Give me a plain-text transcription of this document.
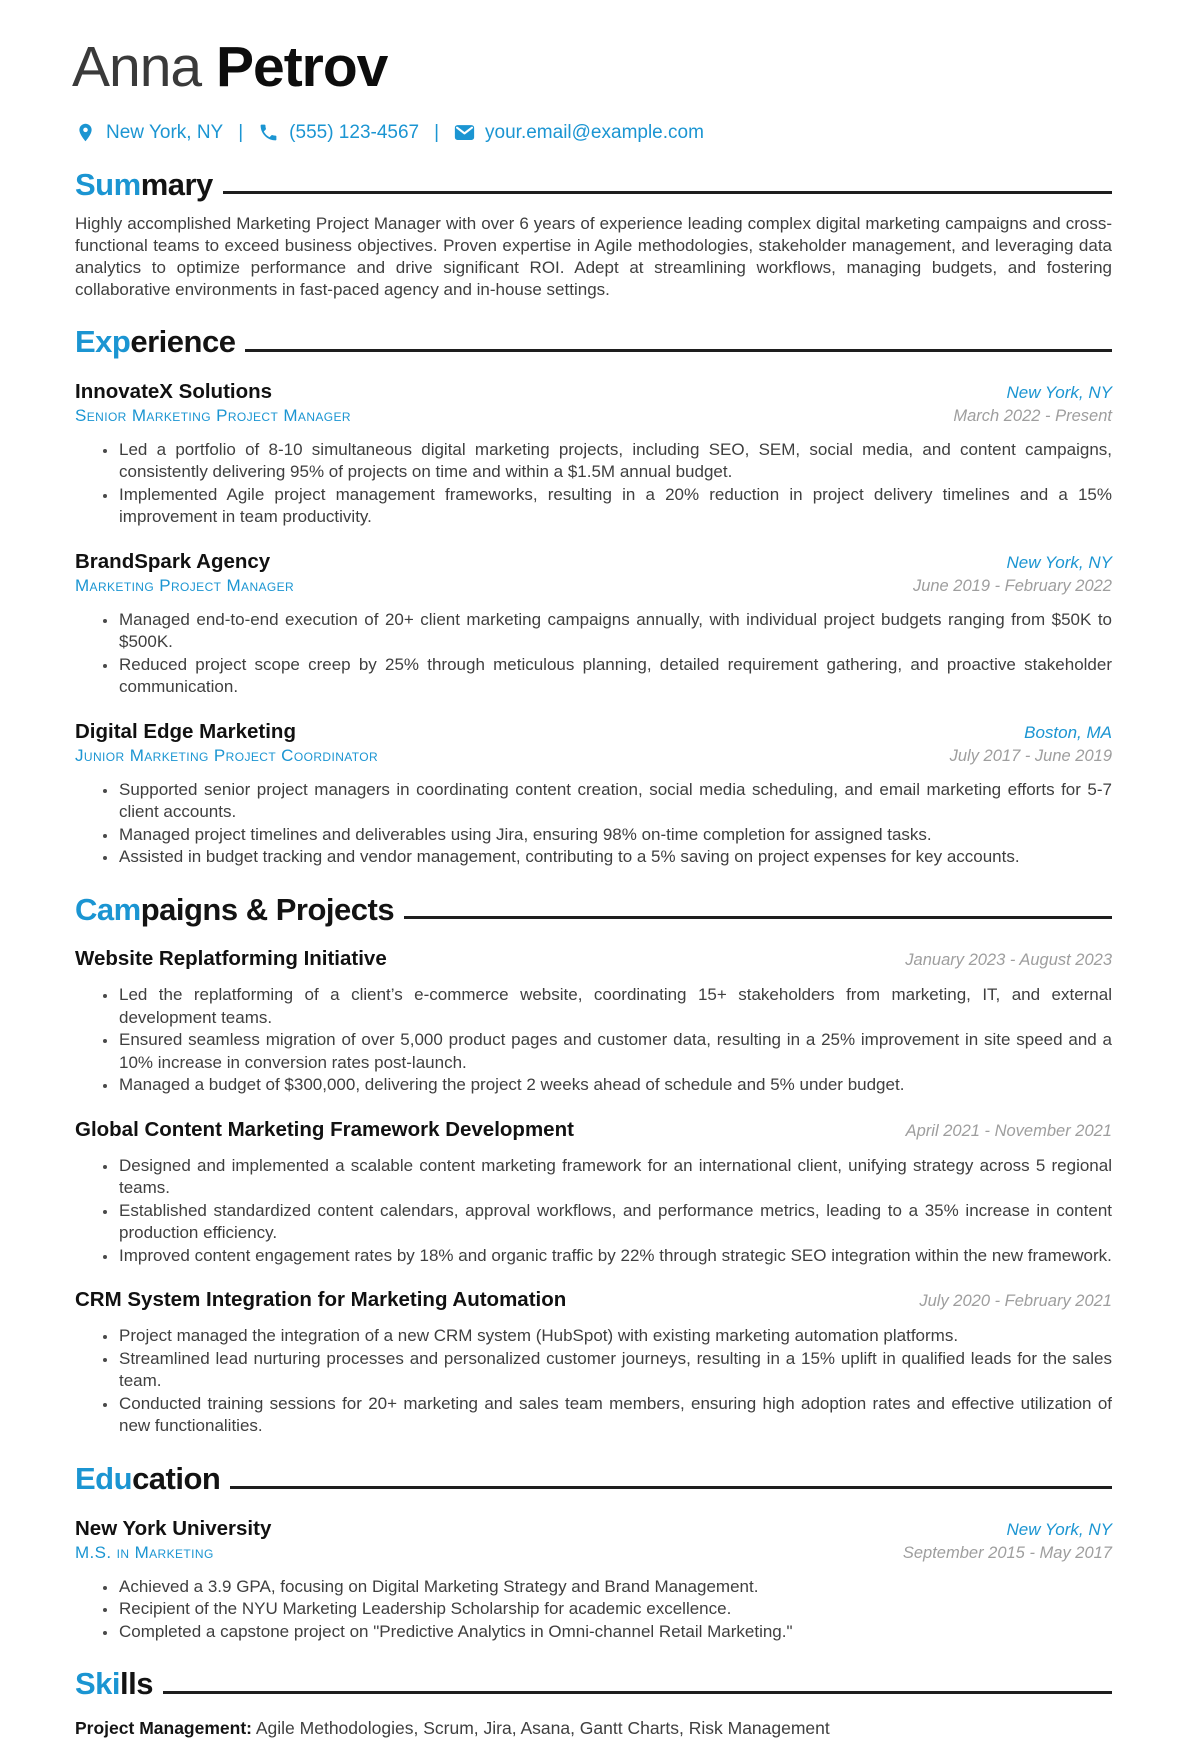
Anna Petrov
New York, NY | (555) 123-4567 | your.email@example.com
Summary

Highly accomplished Marketing Project Manager with over 6 years of experience leading complex digital marketing campaigns and cross-functional teams to exceed business objectives. Proven expertise in Agile methodologies, stakeholder management, and leveraging data analytics to optimize performance and drive significant ROI. Adept at streamlining workflows, managing budgets, and fostering collaborative environments in fast-paced agency and in-house settings.

Experience
InnovateX Solutions	New York, NY
Senior Marketing Project Manager	March 2022 - Present
Led a portfolio of 8-10 simultaneous digital marketing projects, including SEO, SEM, social media, and content campaigns, consistently delivering 95% of projects on time and within a $1.5M annual budget.
Implemented Agile project management frameworks, resulting in a 20% reduction in project delivery timelines and a 15% improvement in team productivity.
BrandSpark Agency	New York, NY
Marketing Project Manager	June 2019 - February 2022
Managed end-to-end execution of 20+ client marketing campaigns annually, with individual project budgets ranging from $50K to $500K.
Reduced project scope creep by 25% through meticulous planning, detailed requirement gathering, and proactive stakeholder communication.
Digital Edge Marketing	Boston, MA
Junior Marketing Project Coordinator	July 2017 - June 2019
Supported senior project managers in coordinating content creation, social media scheduling, and email marketing efforts for 5-7 client accounts.
Managed project timelines and deliverables using Jira, ensuring 98% on-time completion for assigned tasks.
Assisted in budget tracking and vendor management, contributing to a 5% saving on project expenses for key accounts.
Campaigns & Projects
Website Replatforming Initiative	January 2023 - August 2023
Led the replatforming of a client’s e-commerce website, coordinating 15+ stakeholders from marketing, IT, and external development teams.
Ensured seamless migration of over 5,000 product pages and customer data, resulting in a 25% improvement in site speed and a 10% increase in conversion rates post-launch.
Managed a budget of $300,000, delivering the project 2 weeks ahead of schedule and 5% under budget.
Global Content Marketing Framework Development	April 2021 - November 2021
Designed and implemented a scalable content marketing framework for an international client, unifying strategy across 5 regional teams.
Established standardized content calendars, approval workflows, and performance metrics, leading to a 35% increase in content production efficiency.
Improved content engagement rates by 18% and organic traffic by 22% through strategic SEO integration within the new framework.
CRM System Integration for Marketing Automation	July 2020 - February 2021
Project managed the integration of a new CRM system (HubSpot) with existing marketing automation platforms.
Streamlined lead nurturing processes and personalized customer journeys, resulting in a 15% uplift in qualified leads for the sales team.
Conducted training sessions for 20+ marketing and sales team members, ensuring high adoption rates and effective utilization of new functionalities.
Education
New York University	New York, NY
M.S. in Marketing	September 2015 - May 2017
Achieved a 3.9 GPA, focusing on Digital Marketing Strategy and Brand Management.
Recipient of the NYU Marketing Leadership Scholarship for academic excellence.
Completed a capstone project on "Predictive Analytics in Omni-channel Retail Marketing."
Skills
Project Management: Agile Methodologies, Scrum, Jira, Asana, Gantt Charts, Risk Management
